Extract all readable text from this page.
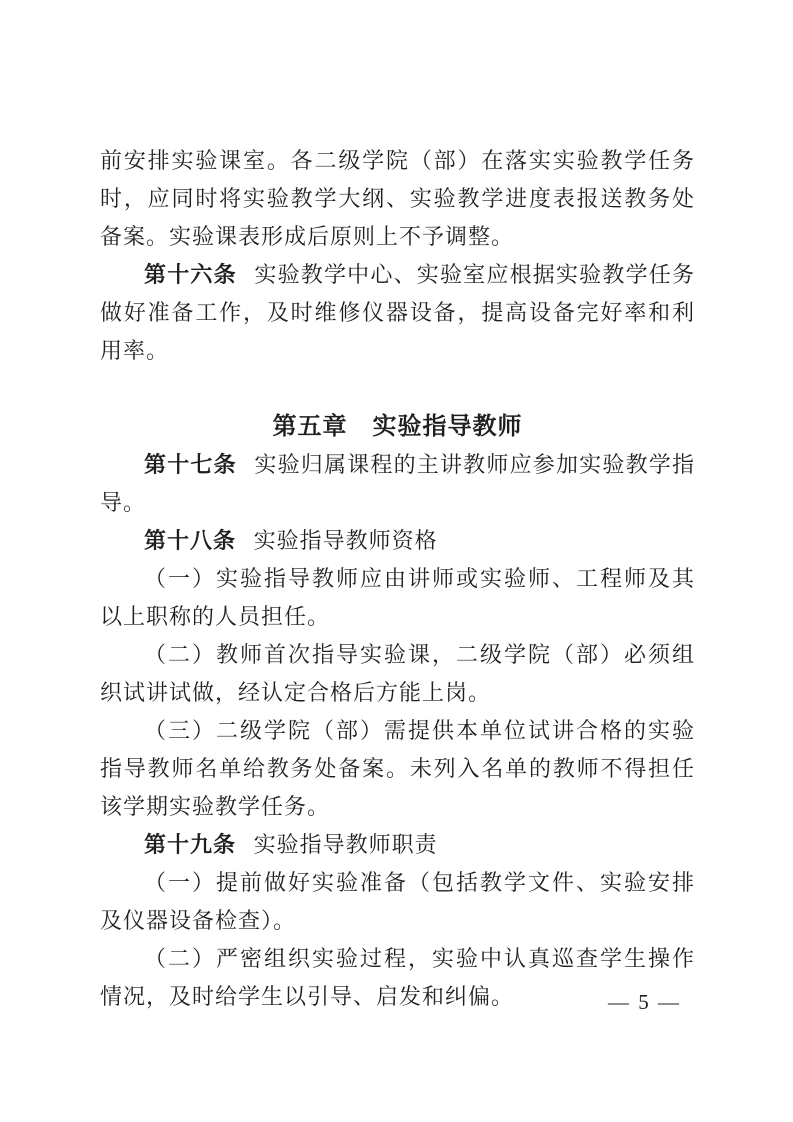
前安排实验课室。各二级学院（部）在落实实验教学任务时，应同时将实验教学大纲、实验教学进度表报送教务处备案。实验课表形成后原则上不予调整。

第十六条 实验教学中心、实验室应根据实验教学任务做好准备工作，及时维修仪器设备，提高设备完好率和利用率。

第五章　实验指导教师

第十七条 实验归属课程的主讲教师应参加实验教学指导。

第十八条 实验指导教师资格

（一）实验指导教师应由讲师或实验师、工程师及其以上职称的人员担任。

（二）教师首次指导实验课，二级学院（部）必须组织试讲试做，经认定合格后方能上岗。

（三）二级学院（部）需提供本单位试讲合格的实验指导教师名单给教务处备案。未列入名单的教师不得担任该学期实验教学任务。

第十九条 实验指导教师职责

（一）提前做好实验准备（包括教学文件、实验安排及仪器设备检查）。

（二）严密组织实验过程，实验中认真巡查学生操作情况，及时给学生以引导、启发和纠偏。	— 5 —
